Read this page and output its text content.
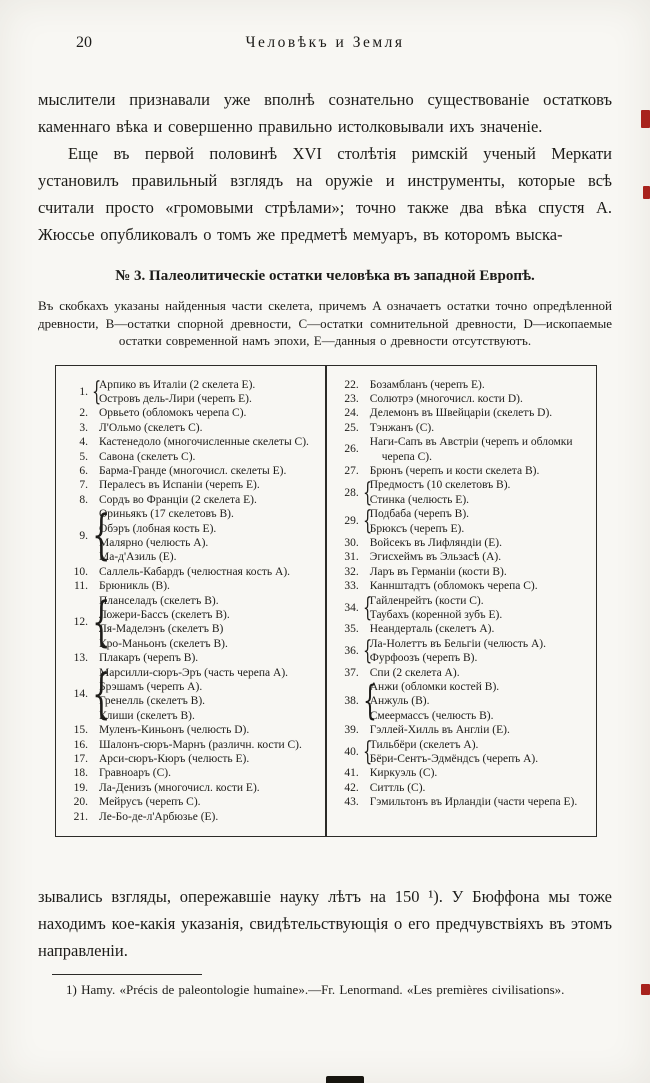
20	Человѣкъ и Земля

мыслители признавали уже вполнѣ сознательно существованіе остатковъ каменнаго вѣка и совершенно правильно истолковывали ихъ значеніе.

Еще въ первой половинѣ XVI столѣтія римскій ученый Меркати установилъ правильный взглядъ на оружіе и инструменты, которые всѣ считали просто «громовыми стрѣлами»; точно также два вѣка спустя А. Жюссье опубликовалъ о томъ же предметѣ мемуаръ, въ которомъ выска-

№ 3. Палеолитическіе остатки человѣка въ западной Европѣ.

Въ скобкахъ указаны найденныя части скелета, причемъ A означаетъ остатки точно опредѣленной древности, B—остатки спорной древности, C—остатки сомнительной древности, D—ископаемые остатки современной намъ эпохи, E—данныя о древности отсутствуютъ.

1. {
Арпико въ Италіи (2 скелета E).
Островъ дель-Лири (черепъ E).
2. Орвьето (обломокъ черепа C).
3. Л'Ольмо (скелетъ C).
4. Кастенедоло (многочисленные скелеты C).
5. Савона (скелетъ C).
6. Барма-Гранде (многочисл. скелеты E).
7. Пералесъ въ Испаніи (черепъ E).
8. Сордъ во Франціи (2 скелета E).
9. {
Ориньякъ (17 скелетовъ B).
Обэръ (лобная кость E).
Малярно (челюсть A).
Ма-д'Азиль (E).
10. Саллель-Кабардъ (челюстная кость A).
11. Брюникль (B).
12. {
Планселадъ (скелетъ B).
Ложери-Бассъ (скелетъ B).
Ля-Маделэнъ (скелетъ B)
Кро-Маньонъ (скелетъ B).
13. Плакаръ (черепъ B).
14. {
Марсилли-сюръ-Эръ (часть черепа A).
Брэшамъ (черепъ A).
Гренелль (скелетъ B).
Клиши (скелетъ B).
15. Муленъ-Киньонъ (челюсть D).
16. Шалонъ-сюръ-Марнъ (различн. кости C).
17. Арси-сюръ-Кюръ (челюсть E).
18. Гравноаръ (C).
19. Ла-Денизъ (многочисл. кости E).
20. Мейрусъ (черепъ C).
21. Ле-Бо-де-л'Арбюзье (E).
22. Бозамбланъ (черепъ E).
23. Солютрэ (многочисл. кости D).
24. Делемонъ въ Швейцаріи (скелетъ D).
25. Тэнжанъ (C).
26.
Наги-Сапъ въ Австріи (черепъ и обломки черепа C).
27. Брюнъ (черепъ и кости скелета B).
28. {
Предмостъ (10 скелетовъ B).
Стинка (челюсть E).
29. {
Подбаба (черепъ B).
Брюксъ (черепъ E).
30. Войсекъ въ Лифляндіи (E).
31. Эгисхеймъ въ Эльзасѣ (A).
32. Ларъ въ Германіи (кости B).
33. Каннштадтъ (обломокъ черепа C).
34. {
Гайленрейтъ (кости C).
Таубахъ (коренной зубъ E).
35. Неандерталь (скелетъ A).
36. {
Ла-Нолеттъ въ Бельгіи (челюсть A).
Фурфоозъ (черепъ B).
37. Спи (2 скелета A).
38. {
Анжи (обломки костей B).
Анжуль (B).
Смеермассъ (челюсть B).
39. Гэллей-Хилль въ Англіи (E).
40. {
Тильбёри (скелетъ A).
Бёри-Сентъ-Эдмёндсъ (черепъ A).
41. Киркуэль (C).
42. Ситтль (C).
43. Гэмильтонъ въ Ирландіи (части черепа E).

зывались взгляды, опережавшіе науку лѣтъ на 150 ¹). У Бюффона мы тоже находимъ кое-какія указанія, свидѣтельствующія о его предчувствіяхъ въ этомъ направленіи.

1) Hamy. «Précis de paleontologie humaine».—Fr. Lenormand. «Les premières civilisations».
